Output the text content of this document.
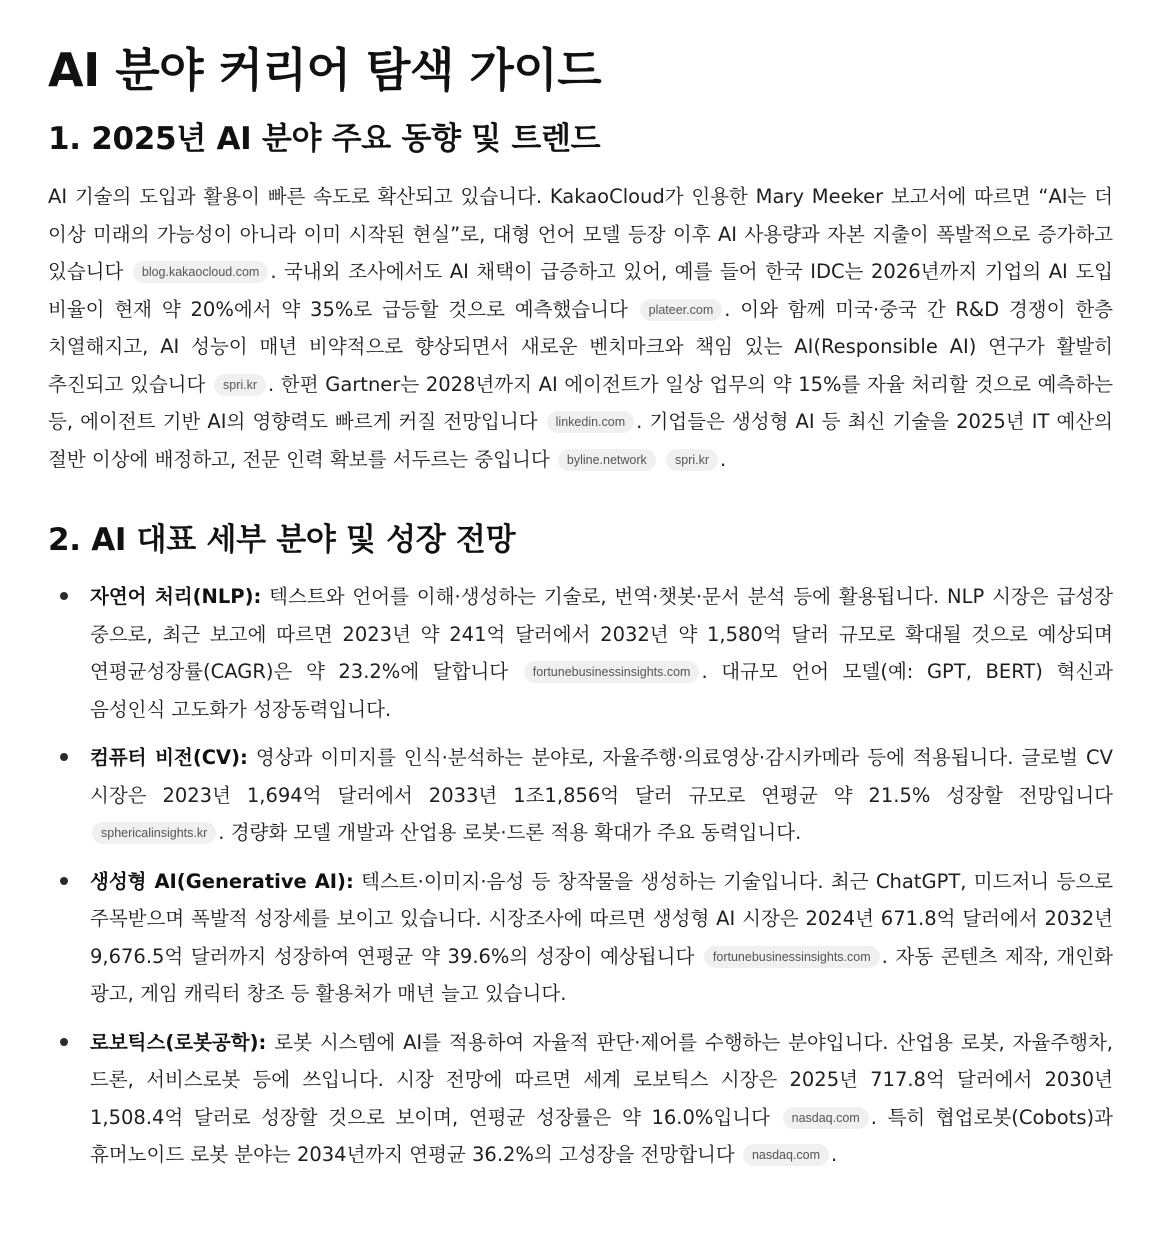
AI 분야 커리어 탐색 가이드
1. 2025년 AI 분야 주요 동향 및 트렌드

AI 기술의 도입과 활용이 빠른 속도로 확산되고 있습니다. KakaoCloud가 인용한 Mary Meeker 보고서에 따르면 “AI는 더 이상 미래의 가능성이 아니라 이미 시작된 현실”로, 대형 언어 모델 등장 이후 AI 사용량과 자본 지출이 폭발적으로 증가하고 있습니다 blog.kakaocloud.com . 국내외 조사에서도 AI 채택이 급증하고 있어, 예를 들어 한국 IDC는 2026년까지 기업의 AI 도입 비율이 현재 약 20%에서 약 35%로 급등할 것으로 예측했습니다 plateer.com . 이와 함께 미국·중국 간 R&D 경쟁이 한층 치열해지고, AI 성능이 매년 비약적으로 향상되면서 새로운 벤치마크와 책임 있는 AI(Responsible AI) 연구가 활발히 추진되고 있습니다 spri.kr . 한편 Gartner는 2028년까지 AI 에이전트가 일상 업무의 약 15%를 자율 처리할 것으로 예측하는 등, 에이전트 기반 AI의 영향력도 빠르게 커질 전망입니다 linkedin.com . 기업들은 생성형 AI 등 최신 기술을 2025년 IT 예산의 절반 이상에 배정하고, 전문 인력 확보를 서두르는 중입니다 byline.network spri.kr .

2. AI 대표 세부 분야 및 성장 전망
자연어 처리(NLP): 텍스트와 언어를 이해·생성하는 기술로, 번역·챗봇·문서 분석 등에 활용됩니다. NLP 시장은 급성장 중으로, 최근 보고에 따르면 2023년 약 241억 달러에서 2032년 약 1,580억 달러 규모로 확대될 것으로 예상되며 연평균성장률(CAGR)은 약 23.2%에 달합니다 fortunebusinessinsights.com . 대규모 언어 모델(예: GPT, BERT) 혁신과 음성인식 고도화가 성장동력입니다.
컴퓨터 비전(CV): 영상과 이미지를 인식·분석하는 분야로, 자율주행·의료영상·감시카메라 등에 적용됩니다. 글로벌 CV 시장은 2023년 1,694억 달러에서 2033년 1조1,856억 달러 규모로 연평균 약 21.5% 성장할 전망입니다 sphericalinsights.kr . 경량화 모델 개발과 산업용 로봇·드론 적용 확대가 주요 동력입니다.
생성형 AI(Generative AI): 텍스트·이미지·음성 등 창작물을 생성하는 기술입니다. 최근 ChatGPT, 미드저니 등으로 주목받으며 폭발적 성장세를 보이고 있습니다. 시장조사에 따르면 생성형 AI 시장은 2024년 671.8억 달러에서 2032년 9,676.5억 달러까지 성장하여 연평균 약 39.6%의 성장이 예상됩니다 fortunebusinessinsights.com . 자동 콘텐츠 제작, 개인화 광고, 게임 캐릭터 창조 등 활용처가 매년 늘고 있습니다.
로보틱스(로봇공학): 로봇 시스템에 AI를 적용하여 자율적 판단·제어를 수행하는 분야입니다. 산업용 로봇, 자율주행차, 드론, 서비스로봇 등에 쓰입니다. 시장 전망에 따르면 세계 로보틱스 시장은 2025년 717.8억 달러에서 2030년 1,508.4억 달러로 성장할 것으로 보이며, 연평균 성장률은 약 16.0%입니다 nasdaq.com . 특히 협업로봇(Cobots)과 휴머노이드 로봇 분야는 2034년까지 연평균 36.2%의 고성장을 전망합니다 nasdaq.com .
